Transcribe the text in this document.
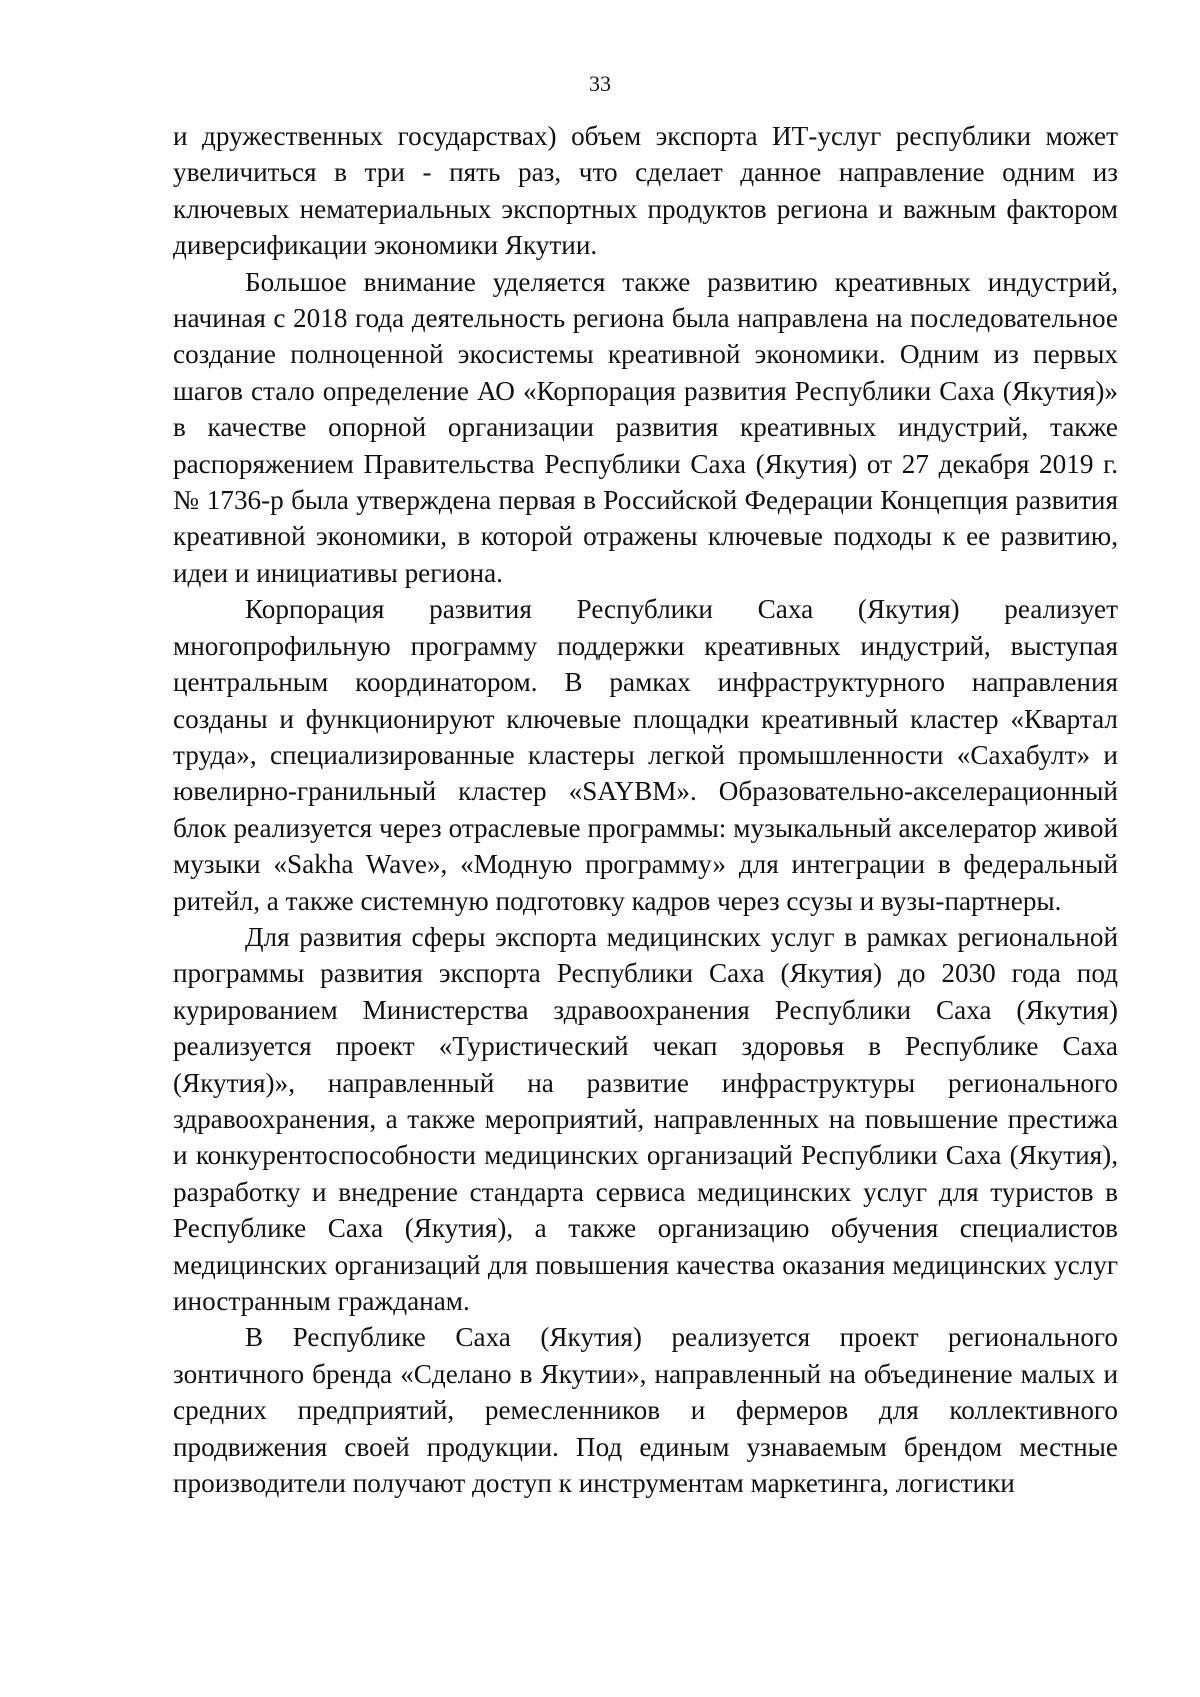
33

и дружественных государствах) объем экспорта ИТ-услуг республики может увеличиться в три - пять раз, что сделает данное направление одним из ключевых нематериальных экспортных продуктов региона и важным фактором диверсификации экономики Якутии.

Большое внимание уделяется также развитию креативных индустрий, начиная с 2018 года деятельность региона была направлена на последовательное создание полноценной экосистемы креативной экономики. Одним из первых шагов стало определение АО «Корпорация развития Республики Саха (Якутия)» в качестве опорной организации развития креативных индустрий, также распоряжением Правительства Республики Саха (Якутия) от 27 декабря 2019 г. № 1736-р была утверждена первая в Российской Федерации Концепция развития креативной экономики, в которой отражены ключевые подходы к ее развитию, идеи и инициативы региона.

Корпорация развития Республики Саха (Якутия) реализует многопрофильную программу поддержки креативных индустрий, выступая центральным координатором. В рамках инфраструктурного направления созданы и функционируют ключевые площадки креативный кластер «Квартал труда», специализированные кластеры легкой промышленности «Сахабулт» и ювелирно-гранильный кластер «SAYBM». Образовательно-акселерационный блок реализуется через отраслевые программы: музыкальный акселератор живой музыки «Sakha Wave», «Модную программу» для интеграции в федеральный ритейл, а также системную подготовку кадров через ссузы и вузы-партнеры.

Для развития сферы экспорта медицинских услуг в рамках региональной программы развития экспорта Республики Саха (Якутия) до 2030 года под курированием Министерства здравоохранения Республики Саха (Якутия) реализуется проект «Туристический чекап здоровья в Республике Саха (Якутия)», направленный на развитие инфраструктуры регионального здравоохранения, а также мероприятий, направленных на повышение престижа и конкурентоспособности медицинских организаций Республики Саха (Якутия), разработку и внедрение стандарта сервиса медицинских услуг для туристов в Республике Саха (Якутия), а также организацию обучения специалистов медицинских организаций для повышения качества оказания медицинских услуг иностранным гражданам.

В Республике Саха (Якутия) реализуется проект регионального зонтичного бренда «Сделано в Якутии», направленный на объединение малых и средних предприятий, ремесленников и фермеров для коллективного продвижения своей продукции. Под единым узнаваемым брендом местные производители получают доступ к инструментам маркетинга, логистики
